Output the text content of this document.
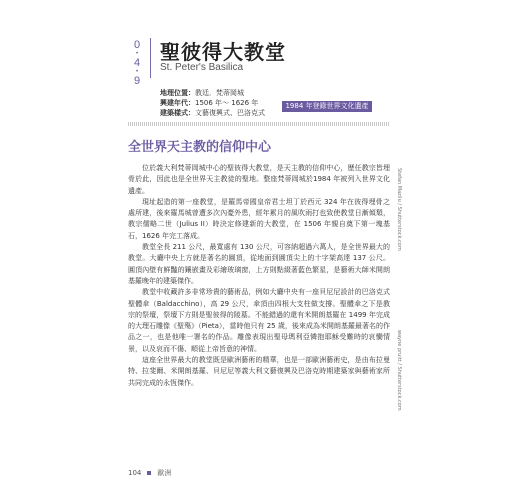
0
•
4
•
9
聖彼得大教堂
St. Peter's Basilica
地理位置：教廷．梵蒂岡城
興建年代：1506 年～ 1626 年
建築樣式：文藝復興式、巴洛克式
1984 年登錄世界文化遺產
全世界天主教的信仰中心

位於義大利梵蒂岡城中心的聖彼得大教堂，是天主教的信仰中心，歷任教宗皆埋骨於此，因此也是全世界天主教徒的聖地。整座梵蒂岡城於1984 年被列入世界文化遺產。

現址起造的第一座教堂，是羅馬帝國皇帝君士坦丁於西元 324 年在彼得埋骨之處所建，後來羅馬城曾遭多次內憂外患，經年累月的風吹雨打也致使教堂日漸傾頹，教宗儒略二世（Julius II）時決定修建新的大教堂，在 1506 年親自奠下第一塊基石，1626 年完工落成。

教堂全長 211 公尺，最寬處有 130 公尺，可容納超過六萬人，是全世界最大的教堂。大廳中央上方就是著名的圓頂，從地面到圓頂尖上的十字架高達 137 公尺。圓頂內壁有鮮豔的鑲嵌畫及彩繪玻璃窗，上方則點綴著藍色繁星，是藝術大師米開朗基羅晚年的建築傑作。

教堂中收藏許多非常珍貴的藝術品，例如大廳中央有一座貝尼尼設計的巴洛克式聖體傘（Baldacchino），高 29 公尺，傘頂由四根大支柱做支撐。聖體傘之下是教宗的祭壇，祭壇下方則是聖彼得的陵墓。不能錯過的還有米開朗基羅在 1499 年完成的大理石雕像《聖殤》（Pieta），當時他只有 25 歲，後來成為米開朗基羅最著名的作品之一，也是他唯一署名的作品。雕像表現出聖母瑪利亞憐抱耶穌受難時的哀慟情景，以及哀而不傷、順從上帝旨意的神情。

這座全世界最大的教堂既是歐洲藝術的精華，也是一部歐洲藝術史，是由布拉曼特、拉斐爾、米開朗基羅、貝尼尼等義大利文藝復興及巴洛克時期建築家與藝術家所共同完成的永恆傑作。

Stefan Mazilu / Shutterstock.com
wayne pruitt / Shutterstock.com
104 歐洲
